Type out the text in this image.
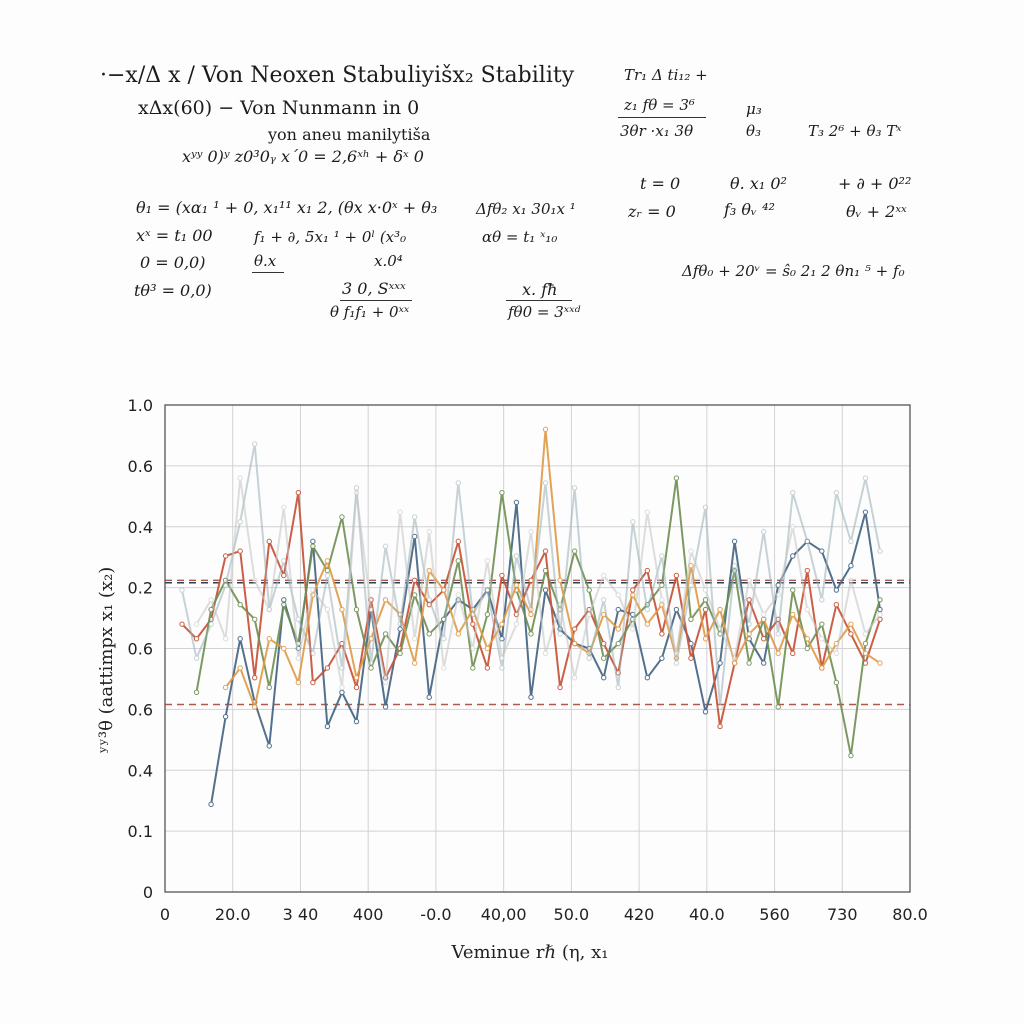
·−x/Δ x / Von Neoxen Stabuliyišx₂ Stability
xΔx(60) − Von Nunmann in 0
yon aneu manilytiša
xʸʸ 0)ʸ z0³0ᵧ x´0 = 2,6ˣʰ + δˣ 0
θ₁ = (xα₁ ¹ + 0, x₁¹¹ x₁ 2, (θx x·0ˣ + θ₃
xˣ = t₁ 00
0 = 0,0)
tθ³ = 0,0)
f₁ + ∂, 5x₁ ¹ + 0ˡ (x³₀
θ.x	x.0⁴
3 0, Sˣˣˣ
θ f₁f₁ + 0ˣˣ
Δfθ₂ x₁ 30₁x ¹
αθ = t₁ ˣ₁₀
x. fħ
fθ0 = 3ˣˣᵈ
Tr₁ Δ ti₁₂ +
z₁ fθ = 3⁶
3θr ·x₁ 3θ
μ₃
θ₃	T₃ 2⁶ + θ₃ Tˣ
t = 0	θ. x₁ 0²	+ ∂ + 0²²
zᵣ = 0	f₃ θᵥ ⁴²	θᵥ + 2ˣˣ
Δfθ₀ + 20ᵛ = ŝ₀ 2₁ 2 θn₁ ⁵ + f₀
1.0
0.6
0.4
0.2
0.6
0.6
0.4
0.1
0
0	20.0 3 40 400 -0.0 40,00 50.0 420 40.0 560 730 80.0
Veminue rℏ (η, x₁
ʸʸ³θ (aattimpx x₁ (x₂)
